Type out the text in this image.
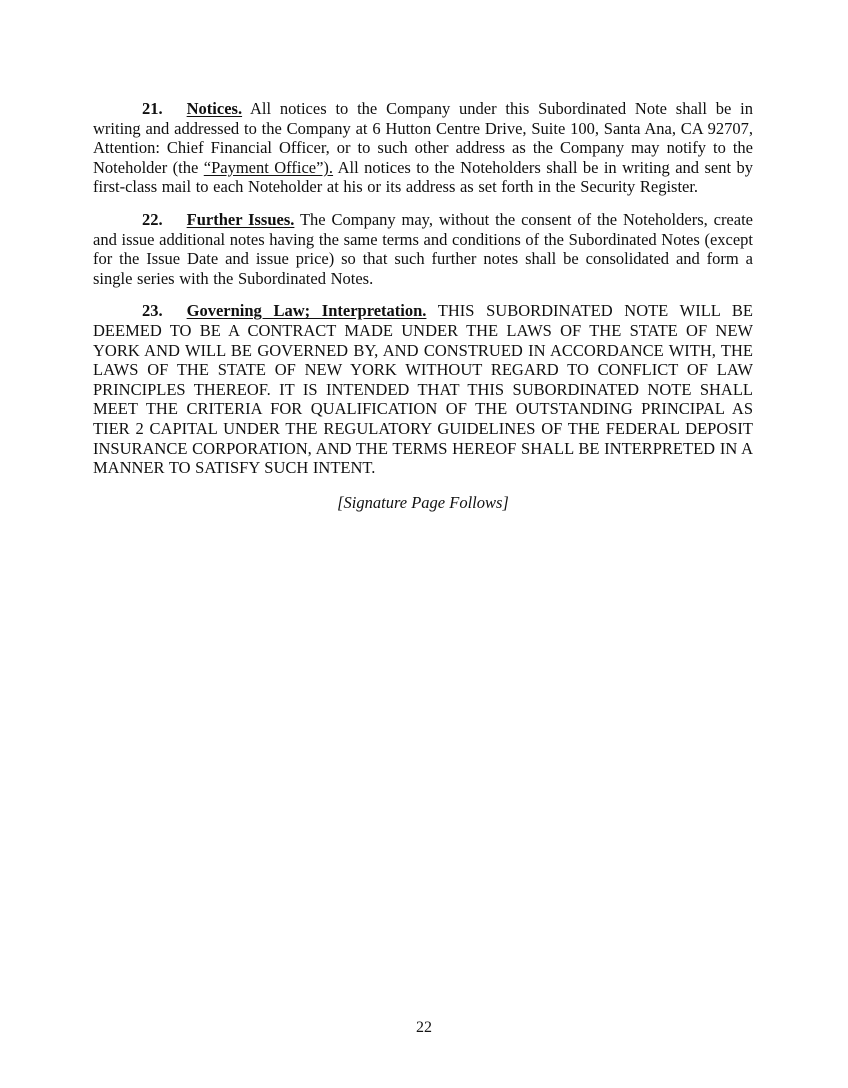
21. Notices. All notices to the Company under this Subordinated Note shall be in writing and addressed to the Company at 6 Hutton Centre Drive, Suite 100, Santa Ana, CA 92707, Attention: Chief Financial Officer, or to such other address as the Company may notify to the Noteholder (the “Payment Office”). All notices to the Noteholders shall be in writing and sent by first-class mail to each Noteholder at his or its address as set forth in the Security Register.

22. Further Issues. The Company may, without the consent of the Noteholders, create and issue additional notes having the same terms and conditions of the Subordinated Notes (except for the Issue Date and issue price) so that such further notes shall be consolidated and form a single series with the Subordinated Notes.

23. Governing Law; Interpretation. THIS SUBORDINATED NOTE WILL BE DEEMED TO BE A CONTRACT MADE UNDER THE LAWS OF THE STATE OF NEW YORK AND WILL BE GOVERNED BY, AND CONSTRUED IN ACCORDANCE WITH, THE LAWS OF THE STATE OF NEW YORK WITHOUT REGARD TO CONFLICT OF LAW PRINCIPLES THEREOF. IT IS INTENDED THAT THIS SUBORDINATED NOTE SHALL MEET THE CRITERIA FOR QUALIFICATION OF THE OUTSTANDING PRINCIPAL AS TIER 2 CAPITAL UNDER THE REGULATORY GUIDELINES OF THE FEDERAL DEPOSIT INSURANCE CORPORATION, AND THE TERMS HEREOF SHALL BE INTERPRETED IN A MANNER TO SATISFY SUCH INTENT.

[Signature Page Follows]

22
